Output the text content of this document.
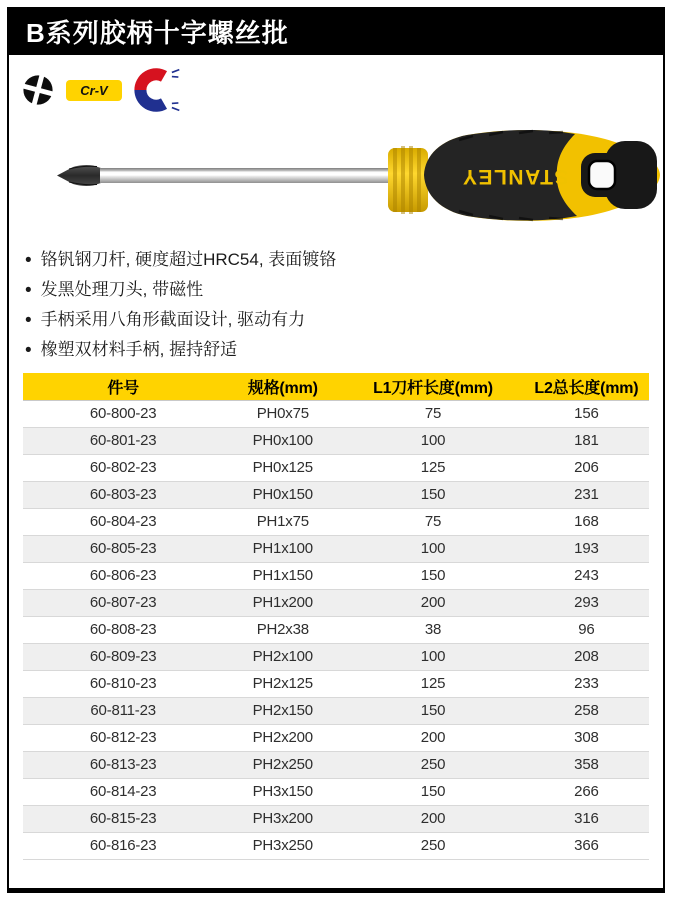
B系列胶柄十字螺丝批
Cr-V
STANLEY
• 铬钒钢刀杆, 硬度超过HRC54, 表面镀铬
• 发黑处理刀头, 带磁性
• 手柄采用八角形截面设计, 驱动有力
• 橡塑双材料手柄, 握持舒适
件号	规格(mm)	L1刀杆长度(mm)	L2总长度(mm)
60-800-23	PH0x75	75	156
60-801-23	PH0x100	100	181
60-802-23	PH0x125	125	206
60-803-23	PH0x150	150	231
60-804-23	PH1x75	75	168
60-805-23	PH1x100	100	193
60-806-23	PH1x150	150	243
60-807-23	PH1x200	200	293
60-808-23	PH2x38	38	96
60-809-23	PH2x100	100	208
60-810-23	PH2x125	125	233
60-811-23	PH2x150	150	258
60-812-23	PH2x200	200	308
60-813-23	PH2x250	250	358
60-814-23	PH3x150	150	266
60-815-23	PH3x200	200	316
60-816-23	PH3x250	250	366
